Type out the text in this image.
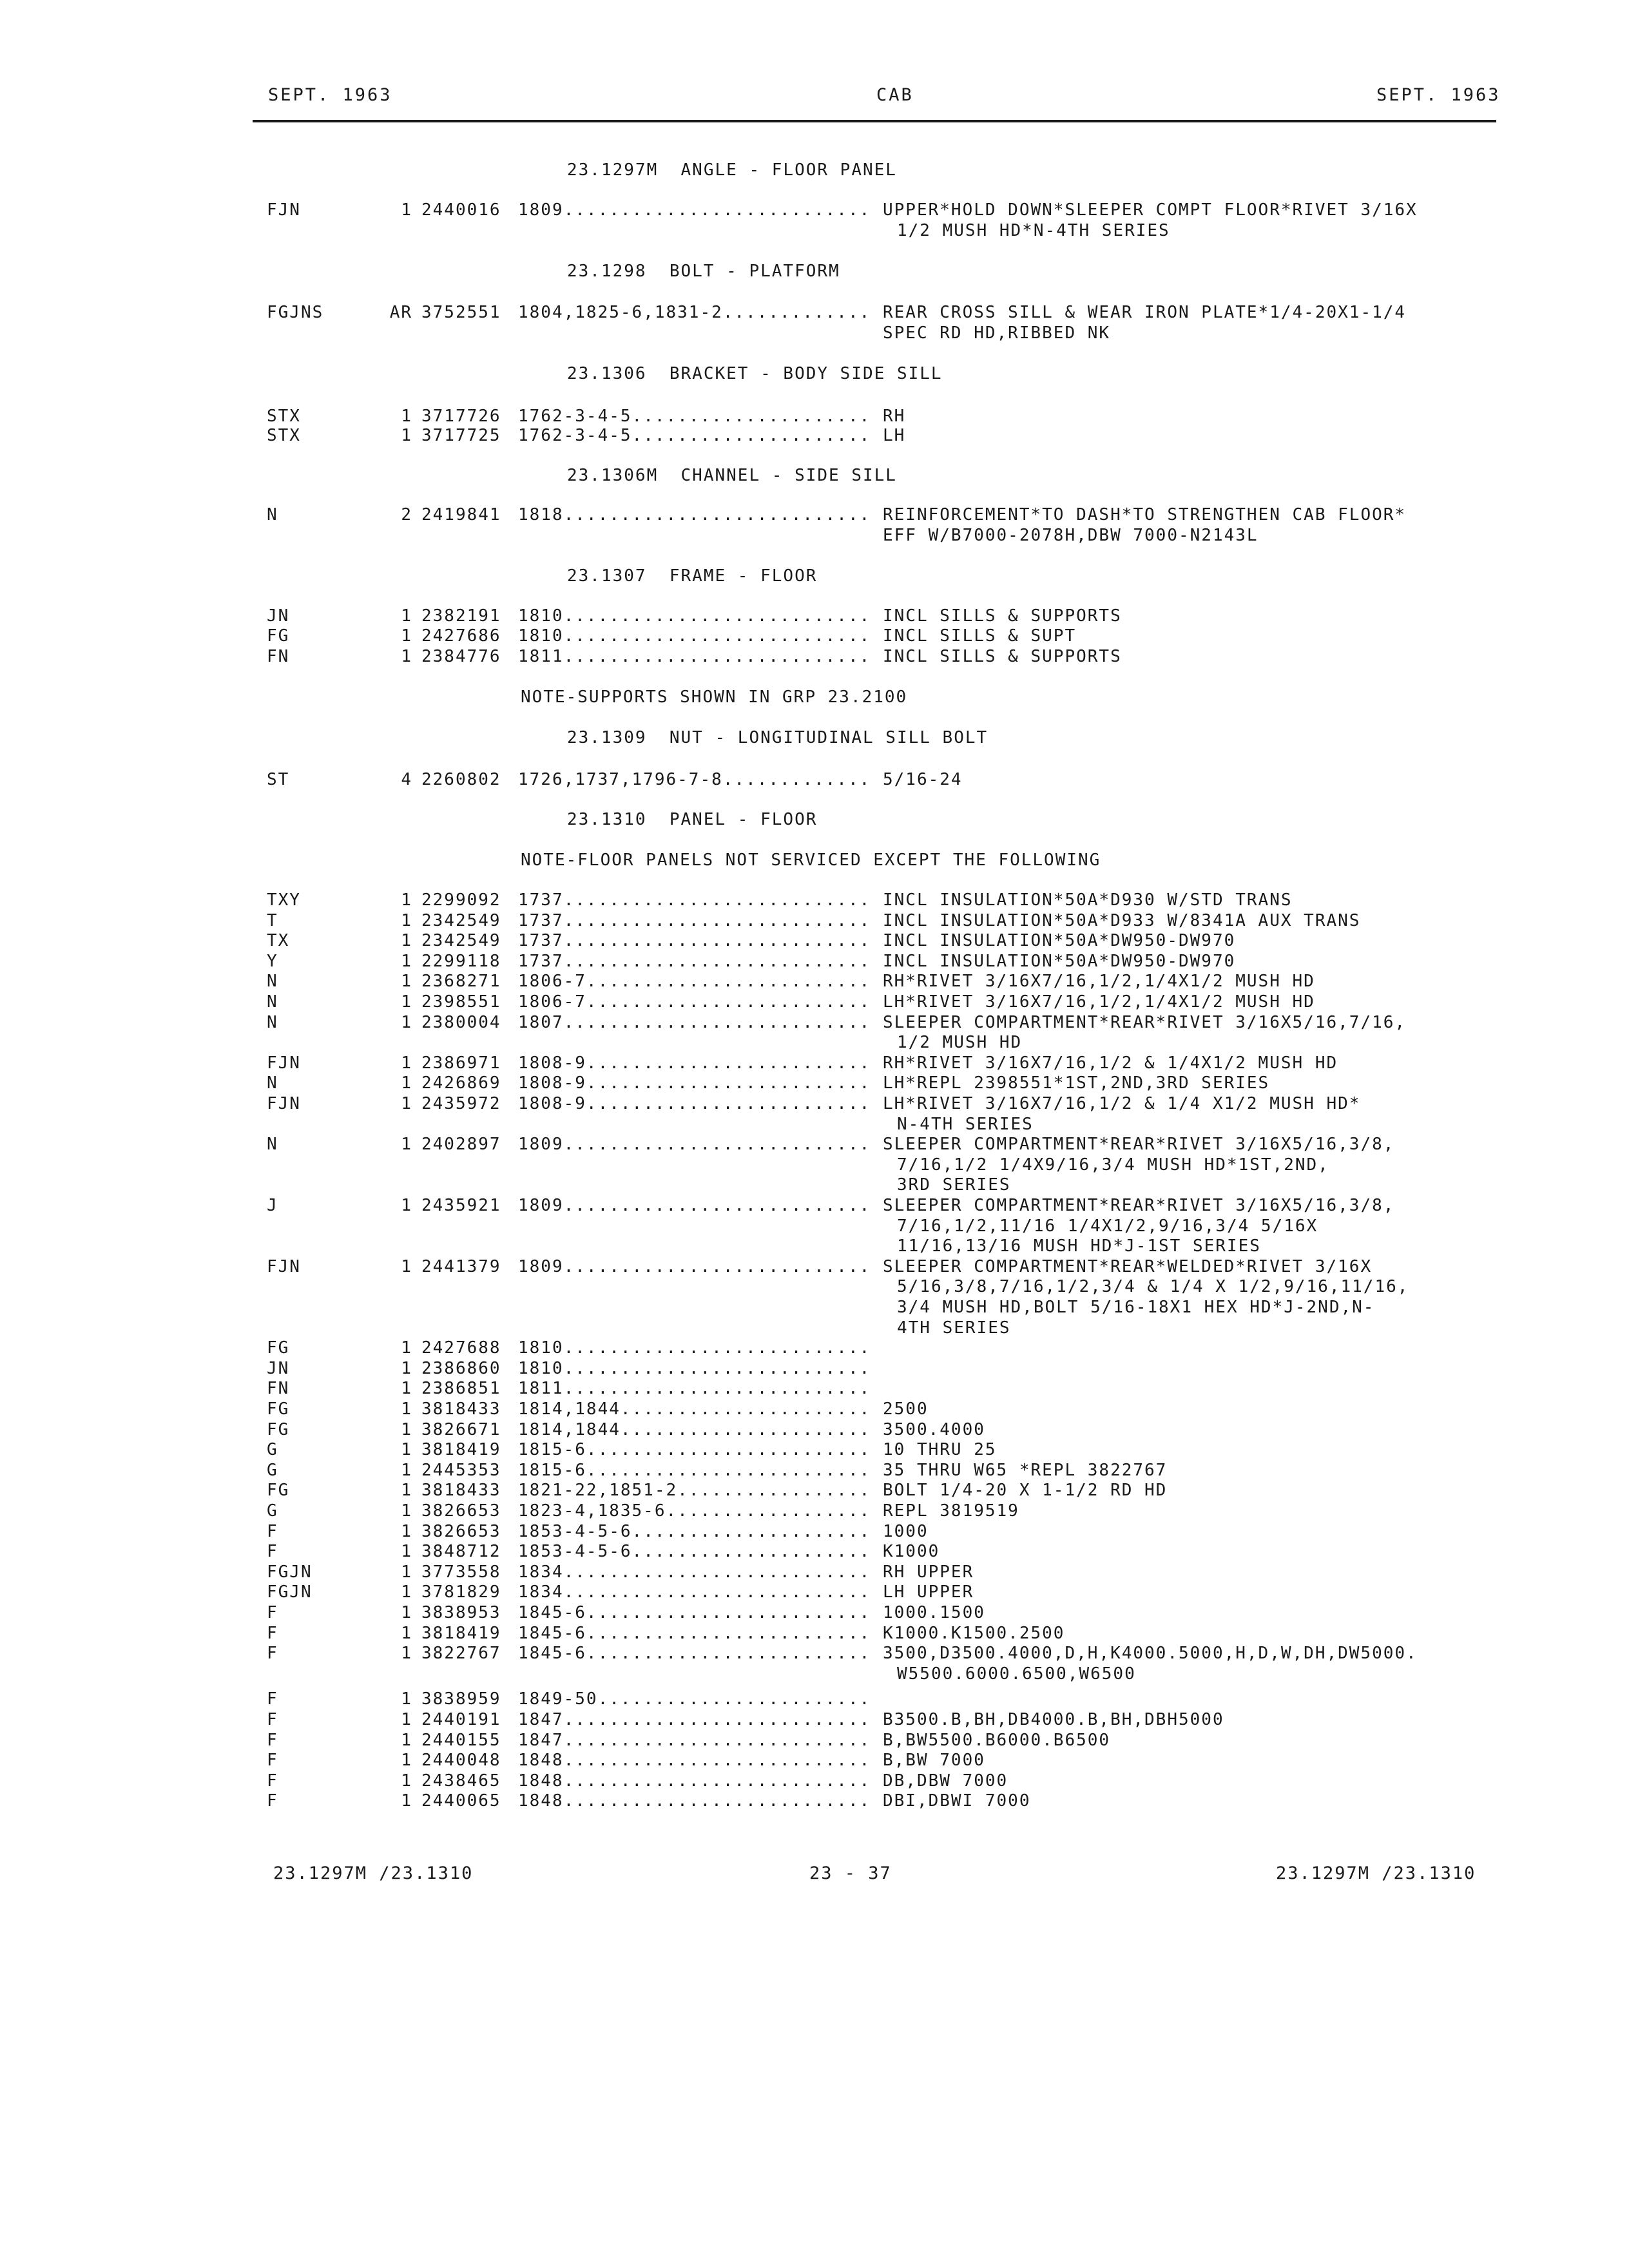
SEPT. 1963	CAB	SEPT. 1963
23.1297M  ANGLE - FLOOR PANEL
FJN	1 2440016 1809........................... UPPER*HOLD DOWN*SLEEPER COMPT FLOOR*RIVET 3/16X
1/2 MUSH HD*N-4TH SERIES
23.1298  BOLT - PLATFORM
FGJNS	AR 3752551 1804,1825-6,1831-2............. REAR CROSS SILL & WEAR IRON PLATE*1/4-20X1-1/4
SPEC RD HD,RIBBED NK
23.1306  BRACKET - BODY SIDE SILL
STX	1 3717726 1762-3-4-5..................... RH
STX	1 3717725 1762-3-4-5..................... LH
23.1306M  CHANNEL - SIDE SILL
N	2 2419841 1818........................... REINFORCEMENT*TO DASH*TO STRENGTHEN CAB FLOOR*
EFF W/B7000-2078H,DBW 7000-N2143L
23.1307  FRAME - FLOOR
JN	1 2382191 1810........................... INCL SILLS & SUPPORTS
FG	1 2427686 1810........................... INCL SILLS & SUPT
FN	1 2384776 1811........................... INCL SILLS & SUPPORTS
NOTE-SUPPORTS SHOWN IN GRP 23.2100
23.1309  NUT - LONGITUDINAL SILL BOLT
ST	4 2260802 1726,1737,1796-7-8............. 5/16-24
23.1310  PANEL - FLOOR
NOTE-FLOOR PANELS NOT SERVICED EXCEPT THE FOLLOWING
TXY	1 2299092 1737........................... INCL INSULATION*50A*D930 W/STD TRANS
T	1 2342549 1737........................... INCL INSULATION*50A*D933 W/8341A AUX TRANS
TX	1 2342549 1737........................... INCL INSULATION*50A*DW950-DW970
Y	1 2299118 1737........................... INCL INSULATION*50A*DW950-DW970
N	1 2368271 1806-7......................... RH*RIVET 3/16X7/16,1/2,1/4X1/2 MUSH HD
N	1 2398551 1806-7......................... LH*RIVET 3/16X7/16,1/2,1/4X1/2 MUSH HD
N	1 2380004 1807........................... SLEEPER COMPARTMENT*REAR*RIVET 3/16X5/16,7/16,
1/2 MUSH HD
FJN	1 2386971 1808-9......................... RH*RIVET 3/16X7/16,1/2 & 1/4X1/2 MUSH HD
N	1 2426869 1808-9......................... LH*REPL 2398551*1ST,2ND,3RD SERIES
FJN	1 2435972 1808-9......................... LH*RIVET 3/16X7/16,1/2 & 1/4 X1/2 MUSH HD*
N-4TH SERIES
N	1 2402897 1809........................... SLEEPER COMPARTMENT*REAR*RIVET 3/16X5/16,3/8,
7/16,1/2 1/4X9/16,3/4 MUSH HD*1ST,2ND,
3RD SERIES
J	1 2435921 1809........................... SLEEPER COMPARTMENT*REAR*RIVET 3/16X5/16,3/8,
7/16,1/2,11/16 1/4X1/2,9/16,3/4 5/16X
11/16,13/16 MUSH HD*J-1ST SERIES
FJN	1 2441379 1809........................... SLEEPER COMPARTMENT*REAR*WELDED*RIVET 3/16X
5/16,3/8,7/16,1/2,3/4 & 1/4 X 1/2,9/16,11/16,
3/4 MUSH HD,BOLT 5/16-18X1 HEX HD*J-2ND,N-
4TH SERIES
FG	1 2427688 1810...........................
JN	1 2386860 1810...........................
FN	1 2386851 1811...........................
FG	1 3818433 1814,1844...................... 2500
FG	1 3826671 1814,1844...................... 3500.4000
G	1 3818419 1815-6......................... 10 THRU 25
G	1 2445353 1815-6......................... 35 THRU W65 *REPL 3822767
FG	1 3818433 1821-22,1851-2................. BOLT 1/4-20 X 1-1/2 RD HD
G	1 3826653 1823-4,1835-6.................. REPL 3819519
F	1 3826653 1853-4-5-6..................... 1000
F	1 3848712 1853-4-5-6..................... K1000
FGJN	1 3773558 1834........................... RH UPPER
FGJN	1 3781829 1834........................... LH UPPER
F	1 3838953 1845-6......................... 1000.1500
F	1 3818419 1845-6......................... K1000.K1500.2500
F	1 3822767 1845-6......................... 3500,D3500.4000,D,H,K4000.5000,H,D,W,DH,DW5000.
W5500.6000.6500,W6500
F	1 3838959 1849-50........................
F	1 2440191 1847........................... B3500.B,BH,DB4000.B,BH,DBH5000
F	1 2440155 1847........................... B,BW5500.B6000.B6500
F	1 2440048 1848........................... B,BW 7000
F	1 2438465 1848........................... DB,DBW 7000
F	1 2440065 1848........................... DBI,DBWI 7000
23.1297M /23.1310	23 - 37	23.1297M /23.1310
